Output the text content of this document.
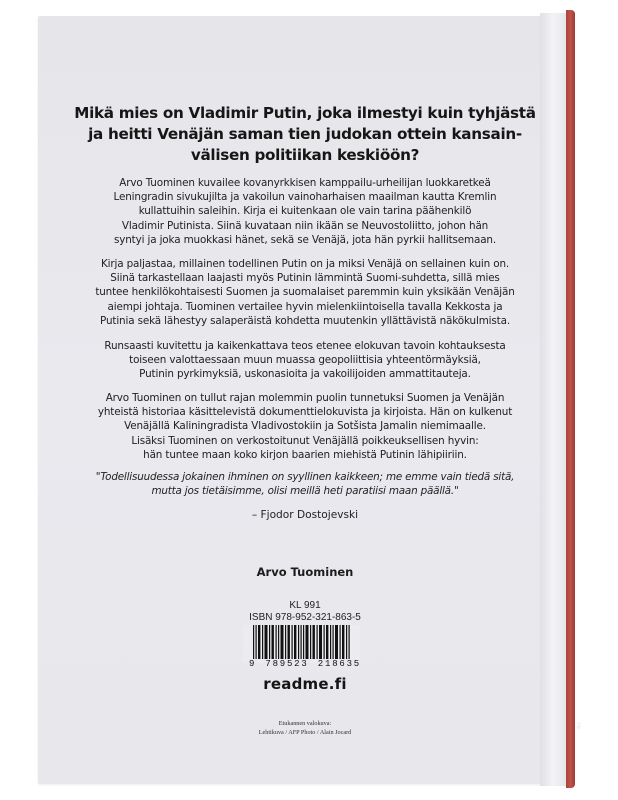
re
Mikä mies on Vladimir Putin, joka ilmestyi kuin tyhjästä
ja heitti Venäjän saman tien judokan ottein kansain-
välisen politiikan keskiöön?
Arvo Tuominen kuvailee kovanyrkkisen kamppailu-urheilijan luokkaretkeä
Leningradin sivukujilta ja vakoilun vainoharhaisen maailman kautta Kremlin
kullattuihin saleihin. Kirja ei kuitenkaan ole vain tarina päähenkilö
Vladimir Putinista. Siinä kuvataan niin ikään se Neuvostoliitto, johon hän
syntyi ja joka muokkasi hänet, sekä se Venäjä, jota hän pyrkii hallitsemaan.
Kirja paljastaa, millainen todellinen Putin on ja miksi Venäjä on sellainen kuin on.
Siinä tarkastellaan laajasti myös Putinin lämmintä Suomi-suhdetta, sillä mies
tuntee henkilökohtaisesti Suomen ja suomalaiset paremmin kuin yksikään Venäjän
aiempi johtaja. Tuominen vertailee hyvin mielenkiintoisella tavalla Kekkosta ja
Putinia sekä lähestyy salaperäistä kohdetta muutenkin yllättävistä näkökulmista.
Runsaasti kuvitettu ja kaikenkattava teos etenee elokuvan tavoin kohtauksesta
toiseen valottaessaan muun muassa geopoliittisia yhteentörmäyksiä,
Putinin pyrkimyksiä, uskonasioita ja vakoilijoiden ammattitauteja.
Arvo Tuominen on tullut rajan molemmin puolin tunnetuksi Suomen ja Venäjän
yhteistä historiaa käsittelevistä dokumenttielokuvista ja kirjoista. Hän on kulkenut
Venäjällä Kaliningradista Vladivostokiin ja Sotšista Jamalin niemimaalle.
Lisäksi Tuominen on verkostoitunut Venäjällä poikkeuksellisen hyvin:
hän tuntee maan koko kirjon baarien miehistä Putinin lähipiiriin.
"Todellisuudessa jokainen ihminen on syyllinen kaikkeen; me emme vain tiedä sitä,
mutta jos tietäisimme, olisi meillä heti paratiisi maan päällä."
– Fjodor Dostojevski
Arvo Tuominen
KL 991
ISBN 978-952-321-863-5
9 789523 218635
readme.fi
Etukannen valokuva:
Lehtikuva / AFP Photo / Alain Jocard
